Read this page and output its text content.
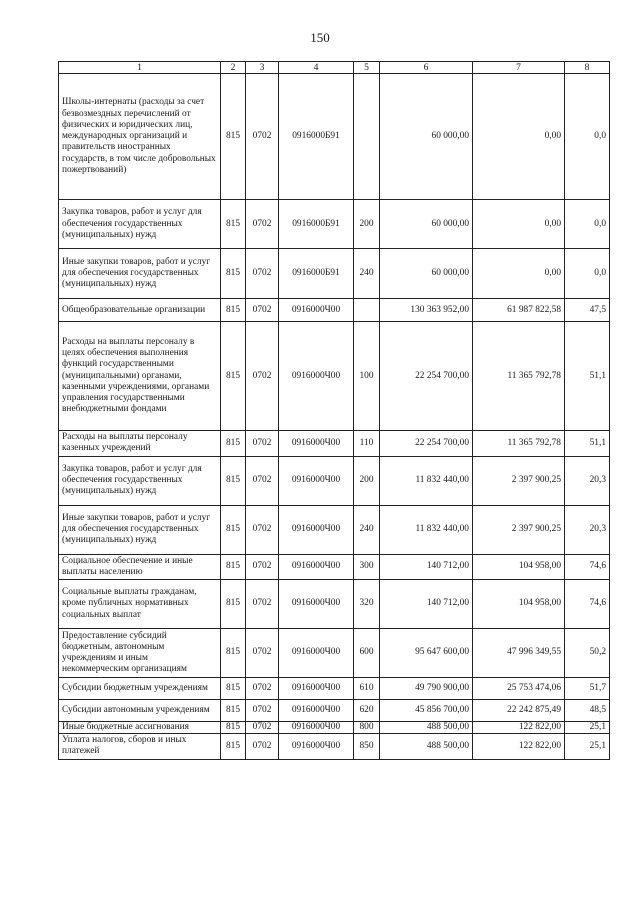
150
1	2	3	4	5	6	7	8
Школы-интернаты (расходы за счет безвозмездных перечислений от физических и юридических лиц, международных организаций и правительств иностранных государств, в том числе добровольных пожертвований)	815	0702	0916000Б91		60 000,00	0,00	0,0
Закупка товаров, работ и услуг для обеспечения государственных (муниципальных) нужд	815	0702	0916000Б91	200	60 000,00	0,00	0,0
Иные закупки товаров, работ и услуг для обеспечения государственных (муниципальных) нужд	815	0702	0916000Б91	240	60 000,00	0,00	0,0
Общеобразовательные организации	815	0702	0916000Ч00		130 363 952,00	61 987 822,58	47,5
Расходы на выплаты персоналу в целях обеспечения выполнения функций государственными (муниципальными) органами, казенными учреждениями, органами управления государственными внебюджетными фондами	815	0702	0916000Ч00	100	22 254 700,00	11 365 792,78	51,1
Расходы на выплаты персоналу казенных учреждений	815	0702	0916000Ч00	110	22 254 700,00	11 365 792,78	51,1
Закупка товаров, работ и услуг для обеспечения государственных (муниципальных) нужд	815	0702	0916000Ч00	200	11 832 440,00	2 397 900,25	20,3
Иные закупки товаров, работ и услуг для обеспечения государственных (муниципальных) нужд	815	0702	0916000Ч00	240	11 832 440,00	2 397 900,25	20,3
Социальное обеспечение и иные выплаты населению	815	0702	0916000Ч00	300	140 712,00	104 958,00	74,6
Социальные выплаты гражданам, кроме публичных нормативных социальных выплат	815	0702	0916000Ч00	320	140 712,00	104 958,00	74,6
Предоставление субсидий бюджетным, автономным учреждениям и иным некоммерческим организациям	815	0702	0916000Ч00	600	95 647 600,00	47 996 349,55	50,2
Субсидии бюджетным учреждениям	815	0702	0916000Ч00	610	49 790 900,00	25 753 474,06	51,7
Субсидии автономным учреждениям	815	0702	0916000Ч00	620	45 856 700,00	22 242 875,49	48,5
Иные бюджетные ассигнования	815	0702	0916000Ч00	800	488 500,00	122 822,00	25,1
Уплата налогов, сборов и иных платежей	815	0702	0916000Ч00	850	488 500,00	122 822,00	25,1
